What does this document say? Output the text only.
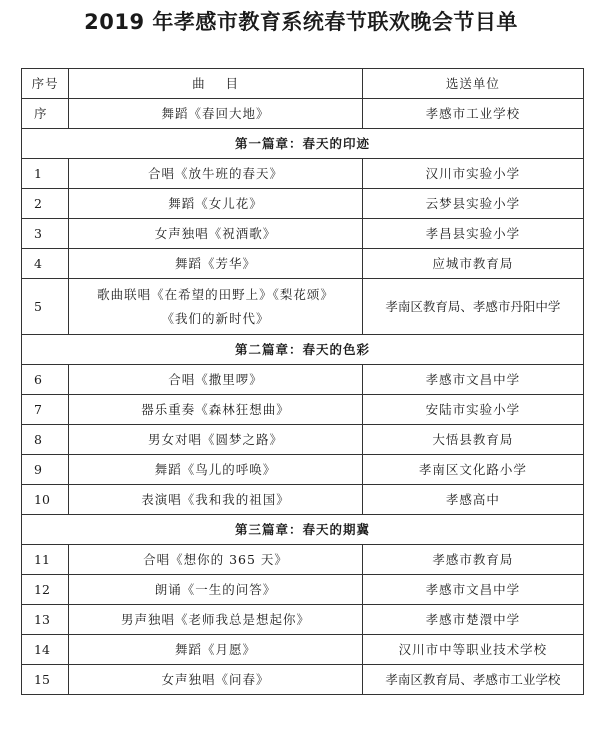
2019 年孝感市教育系统春节联欢晚会节目单
序号	曲    目	选送单位
序	舞蹈《春回大地》	孝感市工业学校
第一篇章：春天的印迹		
1	合唱《放牛班的春天》	汉川市实验小学
2	舞蹈《女儿花》	云梦县实验小学
3	女声独唱《祝酒歌》	孝昌县实验小学
4	舞蹈《芳华》	应城市教育局
5	歌曲联唱《在希望的田野上》《梨花颂》
《我们的新时代》	孝南区教育局、孝感市丹阳中学
第二篇章：春天的色彩		
6	合唱《撒里啰》	孝感市文昌中学
7	器乐重奏《森林狂想曲》	安陆市实验小学
8	男女对唱《圆梦之路》	大悟县教育局
9	舞蹈《鸟儿的呼唤》	孝南区文化路小学
10	表演唱《我和我的祖国》	孝感高中
第三篇章：春天的期冀		
11	合唱《想你的 365 天》	孝感市教育局
12	朗诵《一生的问答》	孝感市文昌中学
13	男声独唱《老师我总是想起你》	孝感市楚澴中学
14	舞蹈《月愿》	汉川市中等职业技术学校
15	女声独唱《问春》	孝南区教育局、孝感市工业学校
